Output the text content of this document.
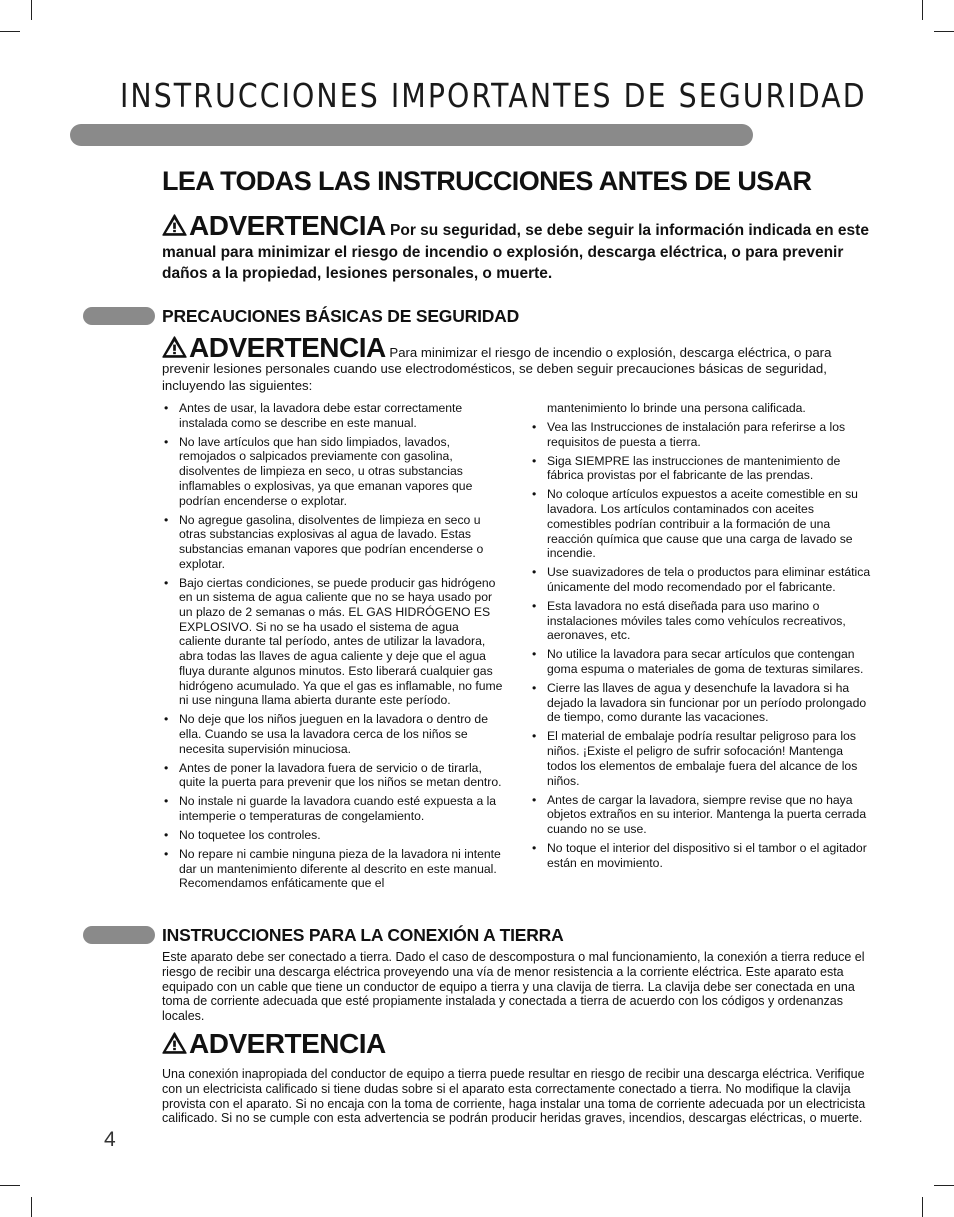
INSTRUCCIONES IMPORTANTES DE SEGURIDAD
LEA TODAS LAS INSTRUCCIONES ANTES DE USAR
ADVERTENCIA Por su seguridad, se debe seguir la información indicada en este manual para minimizar el riesgo de incendio o explosión, descarga eléctrica, o para prevenir daños a la propiedad, lesiones personales, o muerte.
PRECAUCIONES BÁSICAS DE SEGURIDAD
ADVERTENCIA Para minimizar el riesgo de incendio o explosión, descarga eléctrica, o para prevenir lesiones personales cuando use electrodomésticos, se deben seguir precauciones básicas de seguridad, incluyendo las siguientes:
• Antes de usar, la lavadora debe estar correctamente instalada como se describe en este manual.
• No lave artículos que han sido limpiados, lavados, remojados o salpicados previamente con gasolina, disolventes de limpieza en seco, u otras substancias inflamables o explosivas, ya que emanan vapores que podrían encenderse o explotar.
• No agregue gasolina, disolventes de limpieza en seco u otras substancias explosivas al agua de lavado. Estas substancias emanan vapores que podrían encenderse o explotar.
• Bajo ciertas condiciones, se puede producir gas hidrógeno en un sistema de agua caliente que no se haya usado por un plazo de 2 semanas o más. EL GAS HIDRÓGENO ES EXPLOSIVO. Si no se ha usado el sistema de agua caliente durante tal período, antes de utilizar la lavadora, abra todas las llaves de agua caliente y deje que el agua fluya durante algunos minutos. Esto liberará cualquier gas hidrógeno acumulado. Ya que el gas es inflamable, no fume ni use ninguna llama abierta durante este período.
• No deje que los niños jueguen en la lavadora o dentro de ella. Cuando se usa la lavadora cerca de los niños se necesita supervisión minuciosa.
• Antes de poner la lavadora fuera de servicio o de tirarla, quite la puerta para prevenir que los niños se metan dentro.
• No instale ni guarde la lavadora cuando esté expuesta a la intemperie o temperaturas de congelamiento.
• No toquetee los controles.
• No repare ni cambie ninguna pieza de la lavadora ni intente dar un mantenimiento diferente al descrito en este manual. Recomendamos enfáticamente que el
mantenimiento lo brinde una persona calificada.
• Vea las Instrucciones de instalación para referirse a los requisitos de puesta a tierra.
• Siga SIEMPRE las instrucciones de mantenimiento de fábrica provistas por el fabricante de las prendas.
• No coloque artículos expuestos a aceite comestible en su lavadora. Los artículos contaminados con aceites comestibles podrían contribuir a la formación de una reacción química que cause que una carga de lavado se incendie.
• Use suavizadores de tela o productos para eliminar estática únicamente del modo recomendado por el fabricante.
• Esta lavadora no está diseñada para uso marino o instalaciones móviles tales como vehículos recreativos, aeronaves, etc.
• No utilice la lavadora para secar artículos que contengan goma espuma o materiales de goma de texturas similares.
• Cierre las llaves de agua y desenchufe la lavadora si ha dejado la lavadora sin funcionar por un período prolongado de tiempo, como durante las vacaciones.
• El material de embalaje podría resultar peligroso para los niños. ¡Existe el peligro de sufrir sofocación! Mantenga todos los elementos de embalaje fuera del alcance de los niños.
• Antes de cargar la lavadora, siempre revise que no haya objetos extraños en su interior. Mantenga la puerta cerrada cuando no se use.
• No toque el interior del dispositivo si el tambor o el agitador están en movimiento.
INSTRUCCIONES PARA LA CONEXIÓN A TIERRA

Este aparato debe ser conectado a tierra. Dado el caso de descompostura o mal funcionamiento, la conexión a tierra reduce el riesgo de recibir una descarga eléctrica proveyendo una vía de menor resistencia a la corriente eléctrica. Este aparato esta equipado con un cable que tiene un conductor de equipo a tierra y una clavija de tierra. La clavija debe ser conectada en una toma de corriente adecuada que esté propiamente instalada y conectada a tierra de acuerdo con los códigos y ordenanzas locales.

ADVERTENCIA

Una conexión inapropiada del conductor de equipo a tierra puede resultar en riesgo de recibir una descarga eléctrica. Verifique con un electricista calificado si tiene dudas sobre si el aparato esta correctamente conectado a tierra. No modifique la clavija provista con el aparato. Si no encaja con la toma de corriente, haga instalar una toma de corriente adecuada por un electricista calificado. Si no se cumple con esta advertencia se podrán producir heridas graves, incendios, descargas eléctricas, o muerte.

4
